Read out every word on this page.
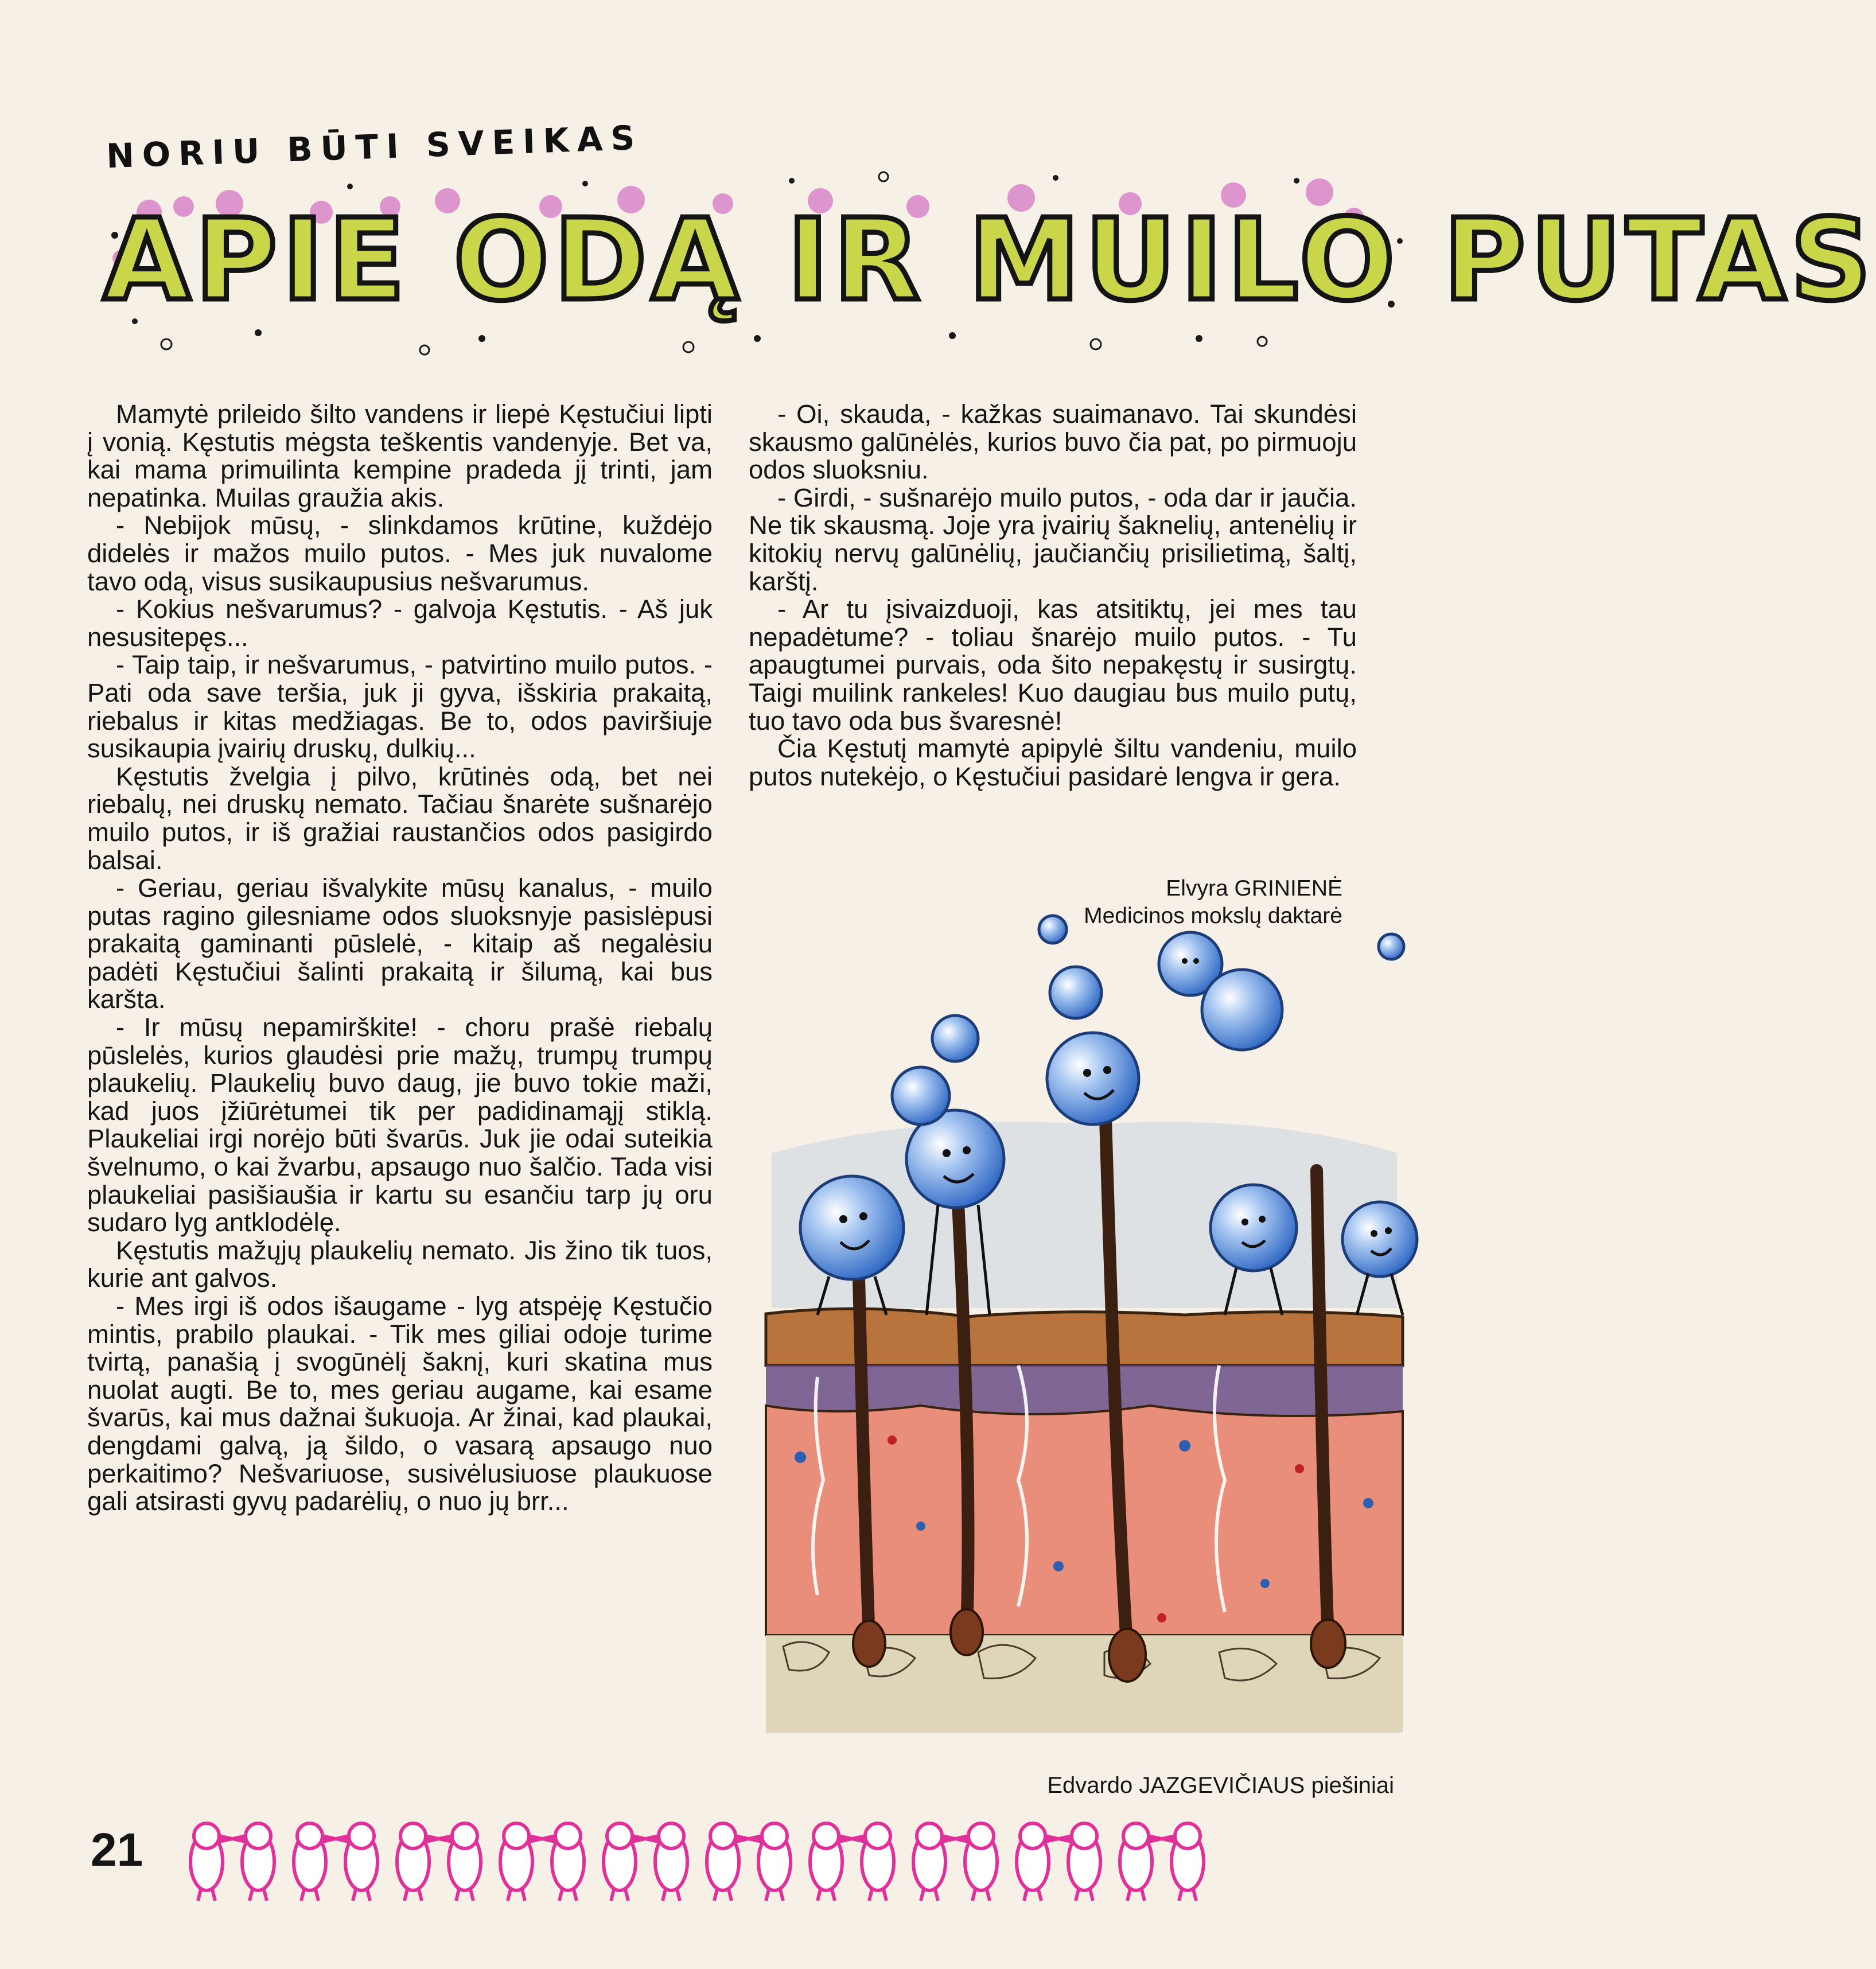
NORIU BŪTI SVEIKAS
APIE ODĄ IR MUILO PUTAS

Mamytė prileido šilto vandens ir liepė Kęstučiui lipti į vonią. Kęstutis mėgsta teškentis vandenyje. Bet va, kai mama primuilinta kempine pradeda jį trinti, jam nepatinka. Muilas graužia akis.

- Nebijok mūsų, - slinkdamos krūtine, kuždėjo didelės ir mažos muilo putos. - Mes juk nuvalome tavo odą, visus susikaupusius nešvarumus.

- Kokius nešvarumus? - galvoja Kęstutis. - Aš juk nesusitepęs...

- Taip taip, ir nešvarumus, - patvirtino muilo putos. - Pati oda save teršia, juk ji gyva, išskiria prakaitą, riebalus ir kitas medžiagas. Be to, odos paviršiuje susikaupia įvairių druskų, dulkių...

Kęstutis žvelgia į pilvo, krūtinės odą, bet nei riebalų, nei druskų nemato. Tačiau šnarėte sušnarėjo muilo putos, ir iš gražiai raustančios odos pasigirdo balsai.

- Geriau, geriau išvalykite mūsų kanalus, - muilo putas ragino gilesniame odos sluoksnyje pasislėpusi prakaitą gaminanti pūslelė, - kitaip aš negalėsiu padėti Kęstučiui šalinti prakaitą ir šilumą, kai bus karšta.

- Ir mūsų nepamirškite! - choru prašė riebalų pūslelės, kurios glaudėsi prie mažų, trumpų trumpų plaukelių. Plaukelių buvo daug, jie buvo tokie maži, kad juos įžiūrėtumei tik per padidinamąjį stiklą. Plaukeliai irgi norėjo būti švarūs. Juk jie odai suteikia švelnumo, o kai žvarbu, apsaugo nuo šalčio. Tada visi plaukeliai pasišiaušia ir kartu su esančiu tarp jų oru sudaro lyg antklodėlę.

Kęstutis mažųjų plaukelių nemato. Jis žino tik tuos, kurie ant galvos.

- Mes irgi iš odos išaugame - lyg atspėję Kęstučio mintis, prabilo plaukai. - Tik mes giliai odoje turime tvirtą, panašią į svogūnėlį šaknį, kuri skatina mus nuolat augti. Be to, mes geriau augame, kai esame švarūs, kai mus dažnai šukuoja. Ar žinai, kad plaukai, dengdami galvą, ją šildo, o vasarą apsaugo nuo perkaitimo? Nešvariuose, susivėlusiuose plaukuose gali atsirasti gyvų padarėlių, o nuo jų brr...

- Oi, skauda, - kažkas suaimanavo. Tai skundėsi skausmo galūnėlės, kurios buvo čia pat, po pirmuoju odos sluoksniu.

- Girdi, - sušnarėjo muilo putos, - oda dar ir jaučia. Ne tik skausmą. Joje yra įvairių šaknelių, antenėlių ir kitokių nervų galūnėlių, jaučiančių prisilietimą, šaltį, karštį.

- Ar tu įsivaizduoji, kas atsitiktų, jei mes tau nepadėtume? - toliau šnarėjo muilo putos. - Tu apaugtumei purvais, oda šito nepakęstų ir susirgtų. Taigi muilink rankeles! Kuo daugiau bus muilo putų, tuo tavo oda bus švaresnė!

Čia Kęstutį mamytė apipylė šiltu vandeniu, muilo putos nutekėjo, o Kęstučiui pasidarė lengva ir gera.

Elvyra GRINIENĖ
Medicinos mokslų daktarė
Edvardo JAZGEVIČIAUS piešiniai
21
